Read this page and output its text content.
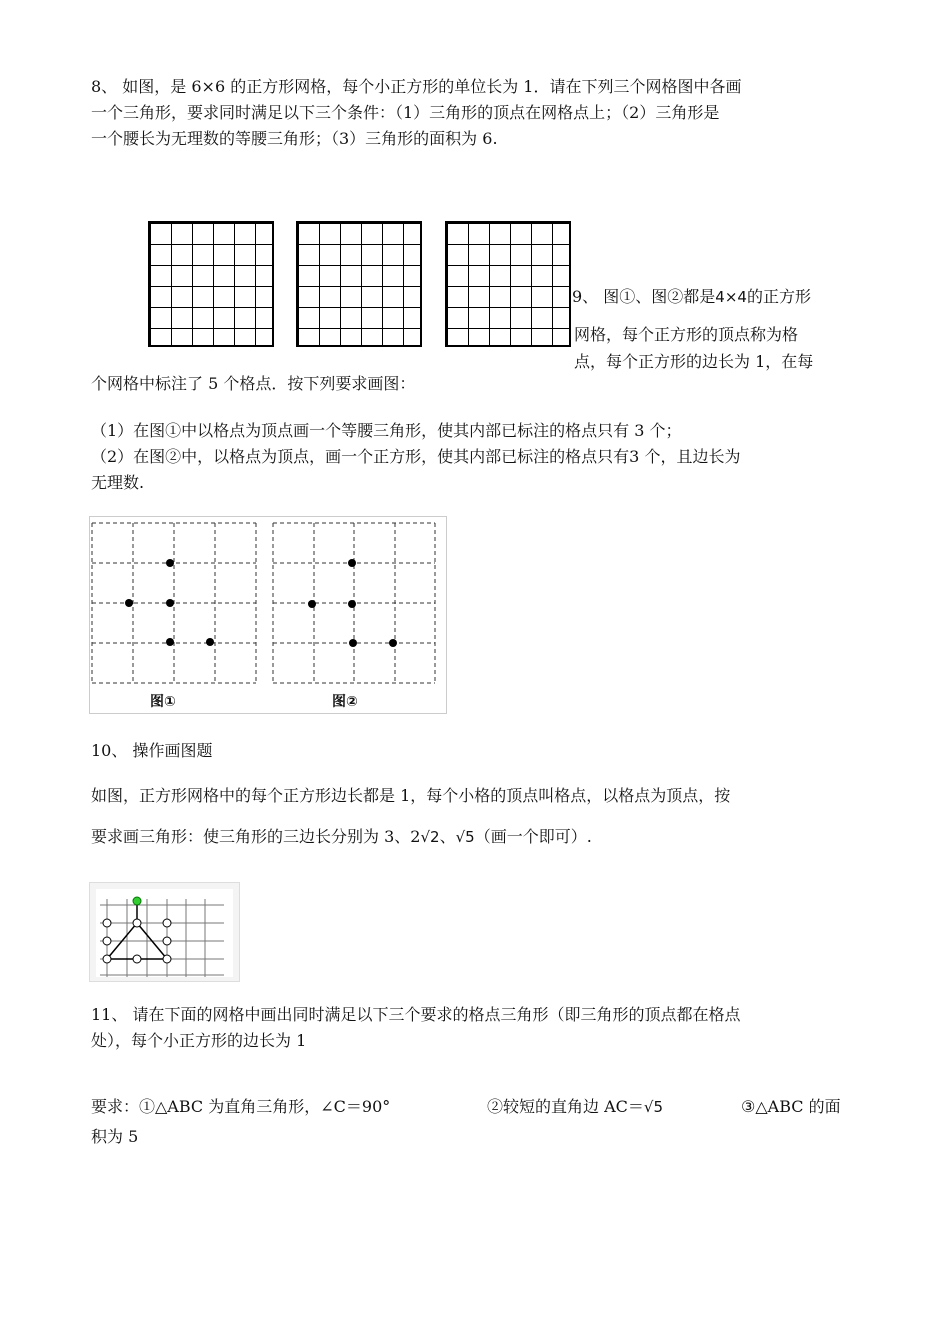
8、 如图，是 6×6 的正方形网格，每个小正方形的单位长为 1．请在下列三个网格图中各画
一个三角形，要求同时满足以下三个条件：（1）三角形的顶点在网格点上；（2）三角形是
一个腰长为无理数的等腰三角形；（3）三角形的面积为 6.
9、 图①、图②都是4×4的正方形
网格，每个正方形的顶点称为格
点，每个正方形的边长为 1，在每
个网格中标注了 5 个格点．按下列要求画图：
（1）在图①中以格点为顶点画一个等腰三角形，使其内部已标注的格点只有 3 个；
（2）在图②中，以格点为顶点，画一个正方形，使其内部已标注的格点只有3 个，且边长为
无理数.
图①	图②
10、 操作画图题
如图，正方形网格中的每个正方形边长都是 1，每个小格的顶点叫格点，以格点为顶点，按
要求画三角形：使三角形的三边长分别为 3、2√2、√5（画一个即可）.
11、 请在下面的网格中画出同时满足以下三个要求的格点三角形（即三角形的顶点都在格点
处），每个小正方形的边长为 1
要求：①△ABC 为直角三角形，∠C＝90°	②较短的直角边 AC＝√5	③△ABC 的面
积为 5
